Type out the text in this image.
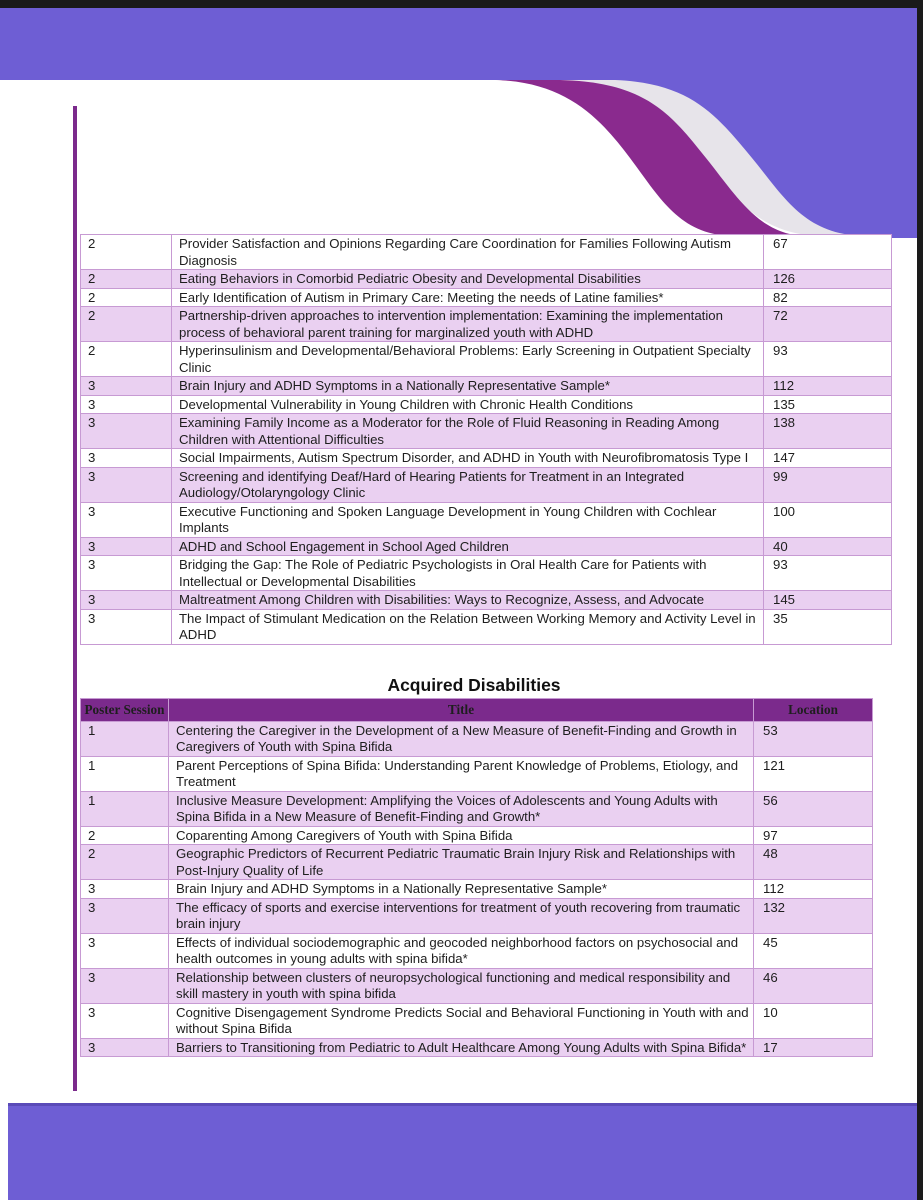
2	Provider Satisfaction and Opinions Regarding Care Coordination for Families Following Autism Diagnosis	67
2	Eating Behaviors in Comorbid Pediatric Obesity and Developmental Disabilities	126
2	Early Identification of Autism in Primary Care: Meeting the needs of Latine families*	82
2	Partnership-driven approaches to intervention implementation: Examining the implementation process of behavioral parent training for marginalized youth with ADHD	72
2	Hyperinsulinism and Developmental/Behavioral Problems: Early Screening in Outpatient Specialty Clinic	93
3	Brain Injury and ADHD Symptoms in a Nationally Representative Sample*	112
3	Developmental Vulnerability in Young Children with Chronic Health Conditions	135
3	Examining Family Income as a Moderator for the Role of Fluid Reasoning in Reading Among Children with Attentional Difficulties	138
3	Social Impairments, Autism Spectrum Disorder, and ADHD in Youth with Neurofibromatosis Type I	147
3	Screening and identifying Deaf/Hard of Hearing Patients for Treatment in an Integrated Audiology/Otolaryngology Clinic	99
3	Executive Functioning and Spoken Language Development in Young Children with Cochlear Implants	100
3	ADHD and School Engagement in School Aged Children	40
3	Bridging the Gap: The Role of Pediatric Psychologists in Oral Health Care for Patients with Intellectual or Developmental Disabilities	93
3	Maltreatment Among Children with Disabilities: Ways to Recognize, Assess, and Advocate	145
3	The Impact of Stimulant Medication on the Relation Between Working Memory and Activity Level in ADHD	35
Acquired Disabilities
Poster Session	Title	Location
1	Centering the Caregiver in the Development of a New Measure of Benefit-Finding and Growth in Caregivers of Youth with Spina Bifida	53
1	Parent Perceptions of Spina Bifida: Understanding Parent Knowledge of Problems, Etiology, and Treatment	121
1	Inclusive Measure Development: Amplifying the Voices of Adolescents and Young Adults with Spina Bifida in a New Measure of Benefit-Finding and Growth*	56
2	Coparenting Among Caregivers of Youth with Spina Bifida	97
2	Geographic Predictors of Recurrent Pediatric Traumatic Brain Injury Risk and Relationships with Post-Injury Quality of Life	48
3	Brain Injury and ADHD Symptoms in a Nationally Representative Sample*	112
3	The efficacy of sports and exercise interventions for treatment of youth recovering from traumatic brain injury	132
3	Effects of individual sociodemographic and geocoded neighborhood factors on psychosocial and health outcomes in young adults with spina bifida*	45
3	Relationship between clusters of neuropsychological functioning and medical responsibility and skill mastery in youth with spina bifida	46
3	Cognitive Disengagement Syndrome Predicts Social and Behavioral Functioning in Youth with and without Spina Bifida	10
3	Barriers to Transitioning from Pediatric to Adult Healthcare Among Young Adults with Spina Bifida*	17
